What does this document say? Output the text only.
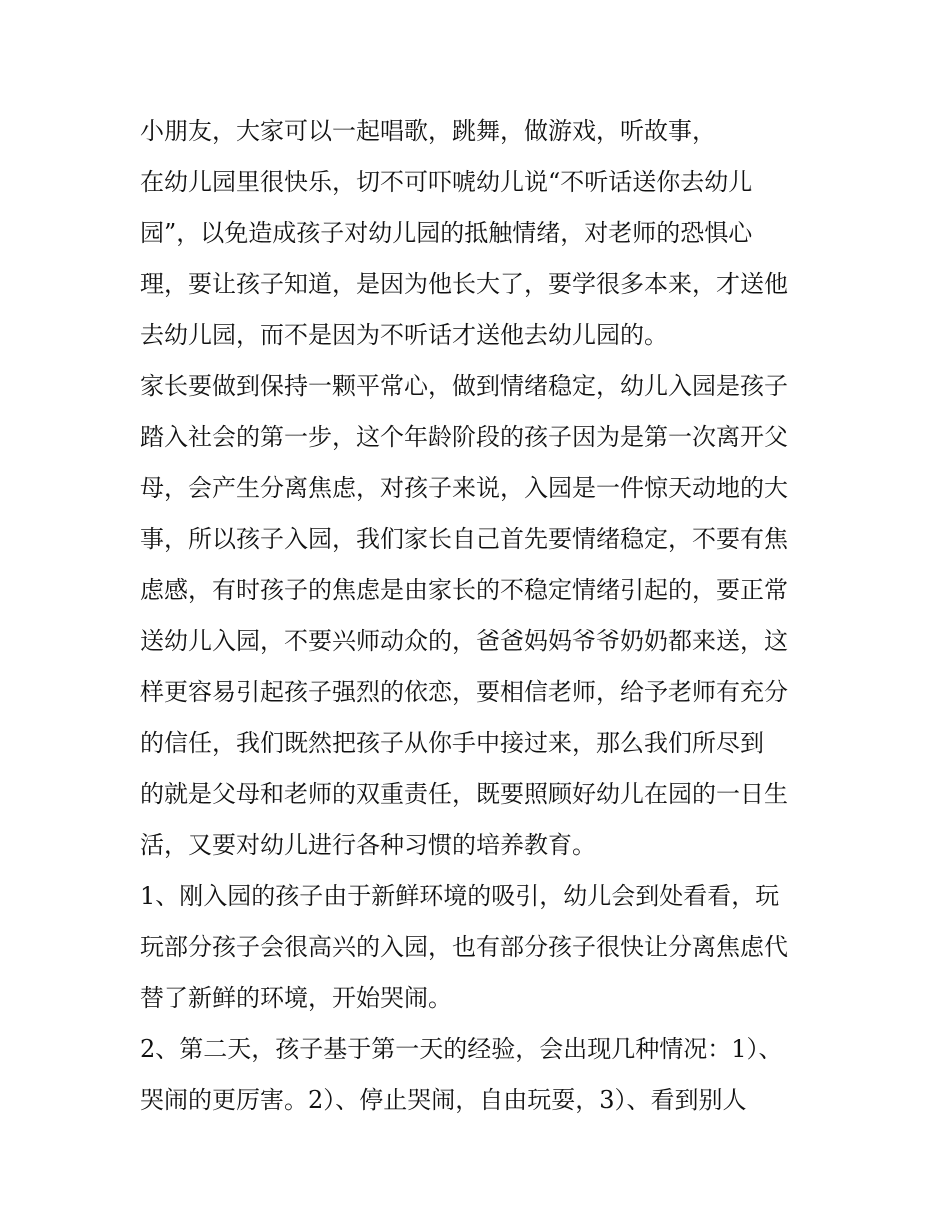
小朋友，大家可以一起唱歌，跳舞，做游戏，听故事，
在幼儿园里很快乐，切不可吓唬幼儿说“不听话送你去幼儿
园”，以免造成孩子对幼儿园的抵触情绪，对老师的恐惧心
理，要让孩子知道，是因为他长大了，要学很多本来，才送他
去幼儿园，而不是因为不听话才送他去幼儿园的。
家长要做到保持一颗平常心，做到情绪稳定，幼儿入园是孩子
踏入社会的第一步，这个年龄阶段的孩子因为是第一次离开父
母，会产生分离焦虑，对孩子来说，入园是一件惊天动地的大
事，所以孩子入园，我们家长自己首先要情绪稳定，不要有焦
虑感，有时孩子的焦虑是由家长的不稳定情绪引起的，要正常
送幼儿入园，不要兴师动众的，爸爸妈妈爷爷奶奶都来送，这
样更容易引起孩子强烈的依恋，要相信老师，给予老师有充分
的信任，我们既然把孩子从你手中接过来，那么我们所尽到
的就是父母和老师的双重责任，既要照顾好幼儿在园的一日生
活，又要对幼儿进行各种习惯的培养教育。
1、刚入园的孩子由于新鲜环境的吸引，幼儿会到处看看，玩
玩部分孩子会很高兴的入园，也有部分孩子很快让分离焦虑代
替了新鲜的环境，开始哭闹。
2、第二天，孩子基于第一天的经验，会出现几种情况：1）、
哭闹的更厉害。2）、停止哭闹，自由玩耍，3）、看到别人
